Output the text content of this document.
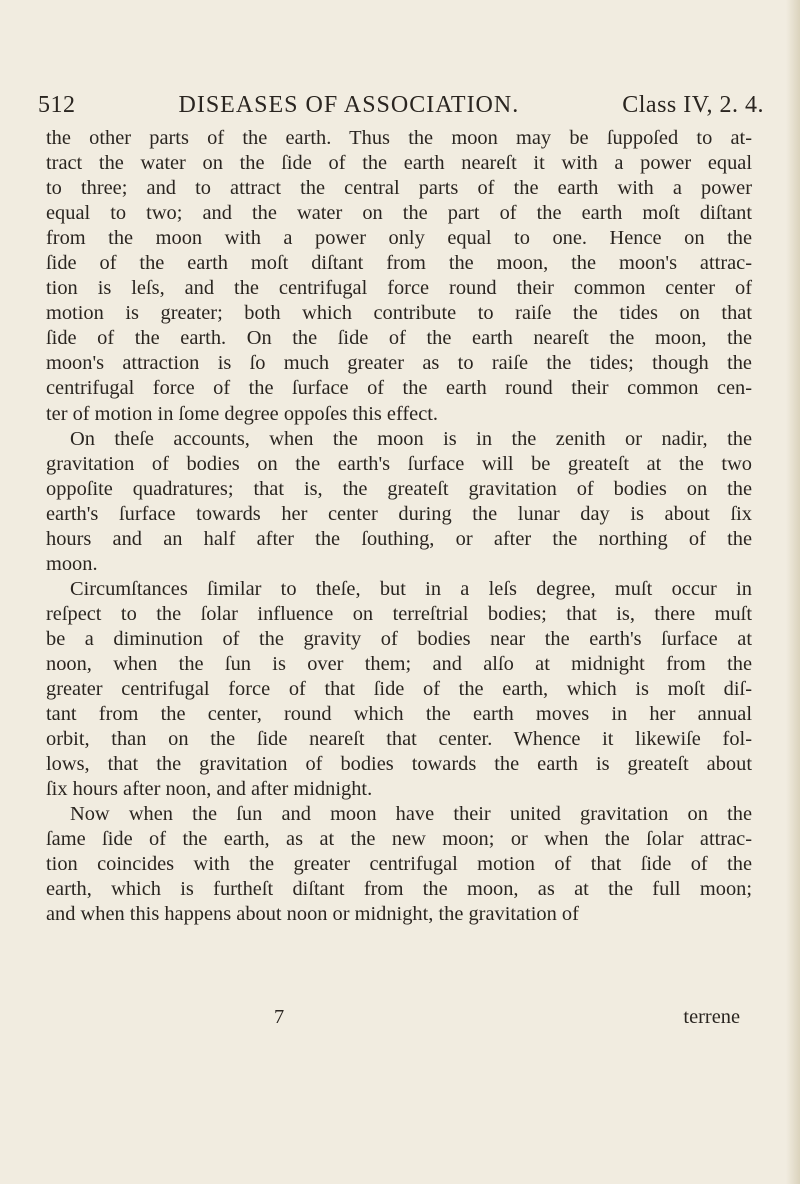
512	DISEASES OF ASSOCIATION.	Class IV, 2. 4.
the other parts of the earth. Thus the moon may be ſuppoſed to at-
tract the water on the ſide of the earth neareſt it with a power equal
to three; and to attract the central parts of the earth with a power
equal to two; and the water on the part of the earth moſt diſtant
from the moon with a power only equal to one. Hence on the
ſide of the earth moſt diſtant from the moon, the moon's attrac-
tion is leſs, and the centrifugal force round their common center of
motion is greater; both which contribute to raiſe the tides on that
ſide of the earth. On the ſide of the earth neareſt the moon, the
moon's attraction is ſo much greater as to raiſe the tides; though the
centrifugal force of the ſurface of the earth round their common cen-
ter of motion in ſome degree oppoſes this effect.
On theſe accounts, when the moon is in the zenith or nadir, the
gravitation of bodies on the earth's ſurface will be greateſt at the two
oppoſite quadratures; that is, the greateſt gravitation of bodies on the
earth's ſurface towards her center during the lunar day is about ſix
hours and an half after the ſouthing, or after the northing of the
moon.
Circumſtances ſimilar to theſe, but in a leſs degree, muſt occur in
reſpect to the ſolar influence on terreſtrial bodies; that is, there muſt
be a diminution of the gravity of bodies near the earth's ſurface at
noon, when the ſun is over them; and alſo at midnight from the
greater centrifugal force of that ſide of the earth, which is moſt diſ-
tant from the center, round which the earth moves in her annual
orbit, than on the ſide neareſt that center. Whence it likewiſe fol-
lows, that the gravitation of bodies towards the earth is greateſt about
ſix hours after noon, and after midnight.
Now when the ſun and moon have their united gravitation on the
ſame ſide of the earth, as at the new moon; or when the ſolar attrac-
tion coincides with the greater centrifugal motion of that ſide of the
earth, which is furtheſt diſtant from the moon, as at the full moon;
and when this happens about noon or midnight, the gravitation of
7	terrene
